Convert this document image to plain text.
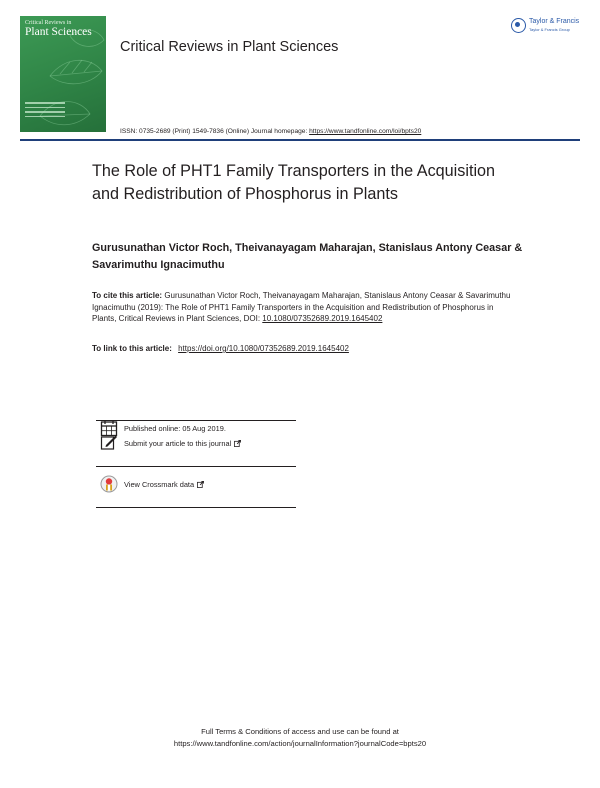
Critical Reviews in
Plant Sciences
Taylor & Francis
Taylor & Francis Group
Critical Reviews in Plant Sciences
ISSN: 0735-2689 (Print) 1549-7836 (Online) Journal homepage: https://www.tandfonline.com/loi/bpts20
The Role of PHT1 Family Transporters in the Acquisition and Redistribution of Phosphorus in Plants
Gurusunathan Victor Roch, Theivanayagam Maharajan, Stanislaus Antony Ceasar & Savarimuthu Ignacimuthu
To cite this article: Gurusunathan Victor Roch, Theivanayagam Maharajan, Stanislaus Antony Ceasar & Savarimuthu Ignacimuthu (2019): The Role of PHT1 Family Transporters in the Acquisition and Redistribution of Phosphorus in Plants, Critical Reviews in Plant Sciences, DOI: 10.1080/07352689.2019.1645402
To link to this article: https://doi.org/10.1080/07352689.2019.1645402
Published online: 05 Aug 2019.
Submit your article to this journal
View Crossmark data
Full Terms & Conditions of access and use can be found at
https://www.tandfonline.com/action/journalInformation?journalCode=bpts20
